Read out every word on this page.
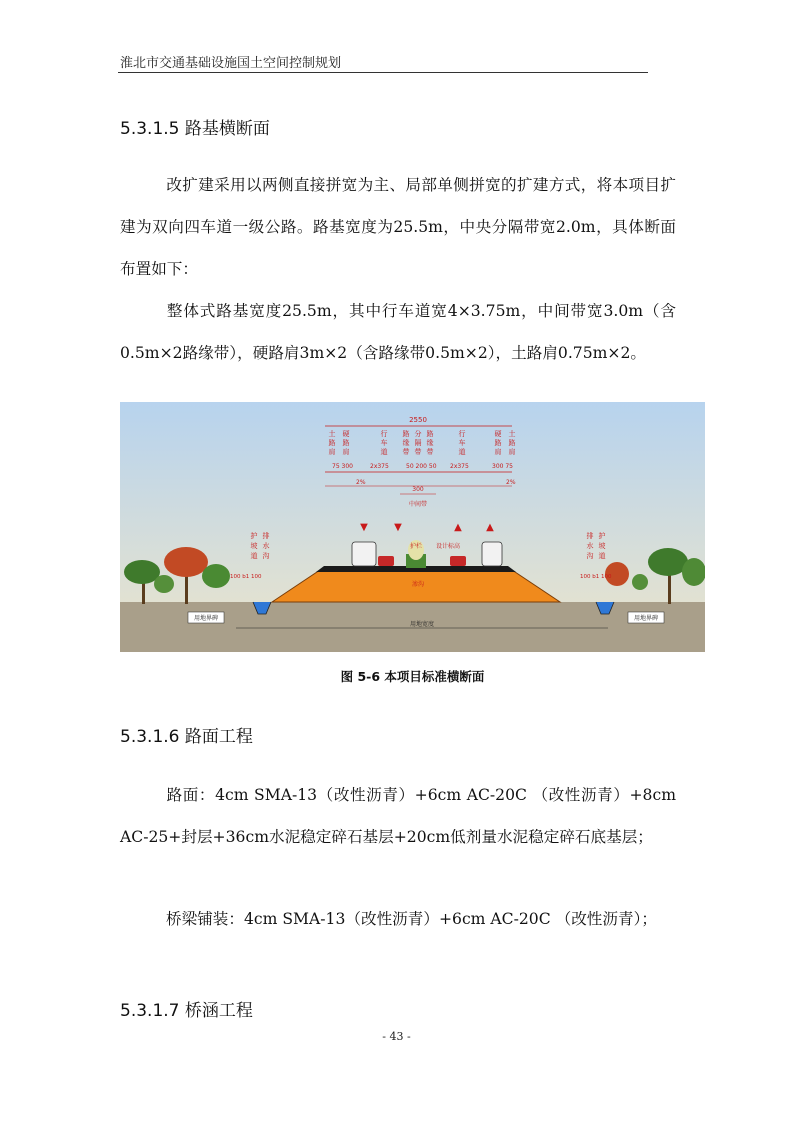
淮北市交通基础设施国土空间控制规划
5.3.1.5 路基横断面
改扩建采用以两侧直接拼宽为主、局部单侧拼宽的扩建方式，将本项目扩建为双向四车道一级公路。路基宽度为25.5m，中央分隔带宽2.0m，具体断面布置如下：
整体式路基宽度25.5m，其中行车道宽4×3.75m，中间带宽3.0m（含0.5m×2路缘带），硬路肩3m×2（含路缘带0.5m×2），土路肩0.75m×2。
▼	▼	▲ ▲
2550
75 300	2x375	50 200 50 2x375	300 75
2%	2%
300
中间带
土路肩
硬路肩
行车道
路缘带
分隔带
路缘带
行车道
硬路肩
土路肩
护栏 设计标高
渗沟
护坡道
排水沟
排水沟
护坡道
100 b1 100	100 b1 100
用地界碑	用地界碑
用地宽度
图 5-6 本项目标准横断面
5.3.1.6 路面工程
路面：4cm SMA-13（改性沥青）+6cm AC-20C （改性沥青）+8cm AC-25+封层+36cm水泥稳定碎石基层+20cm低剂量水泥稳定碎石底基层；
桥梁铺装：4cm SMA-13（改性沥青）+6cm AC-20C （改性沥青）；
5.3.1.7 桥涵工程
- 43 -
